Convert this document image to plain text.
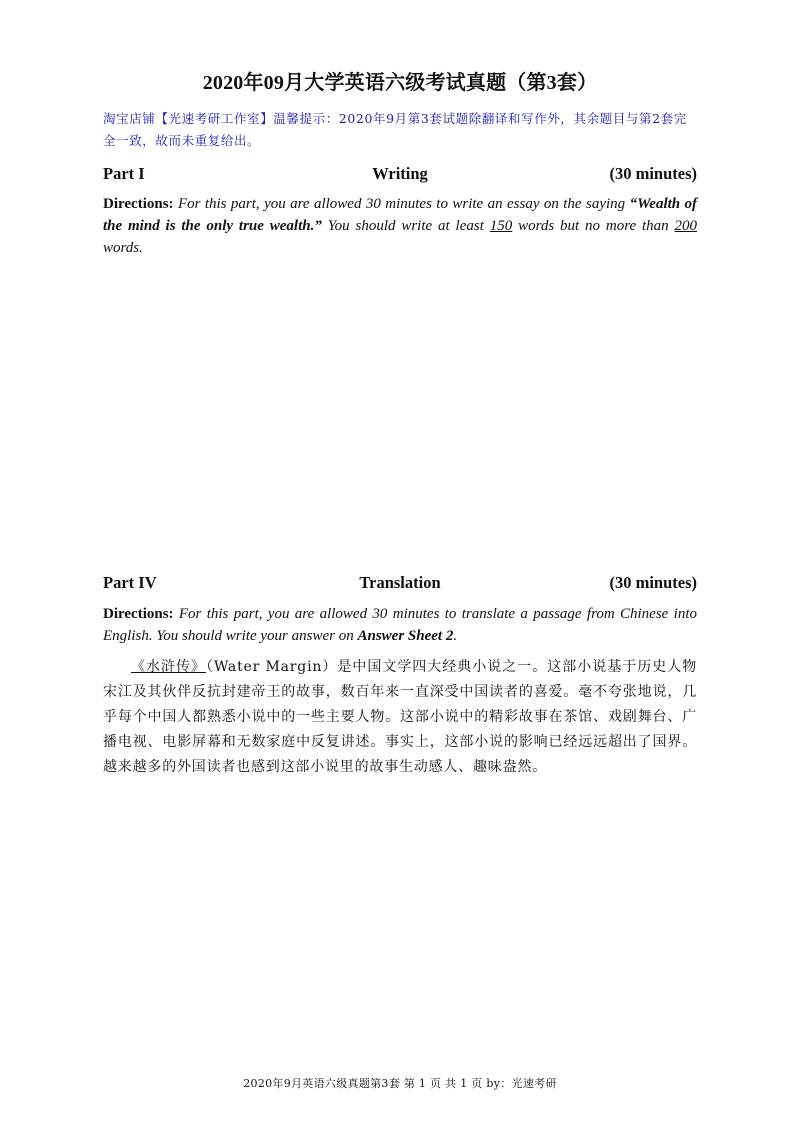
2020年09月大学英语六级考试真题（第3套）
淘宝店铺【光速考研工作室】温馨提示：2020年9月第3套试题除翻译和写作外，其余题目与第2套完全一致，故而未重复给出。
Part I	Writing	(30 minutes)
Directions: For this part, you are allowed 30 minutes to write an essay on the saying “Wealth of the mind is the only true wealth.” You should write at least 150 words but no more than 200 words.
Part IV	Translation	(30 minutes)
Directions: For this part, you are allowed 30 minutes to translate a passage from Chinese into English. You should write your answer on Answer Sheet 2.
《水浒传》（Water Margin）是中国文学四大经典小说之一。这部小说基于历史人物宋江及其伙伴反抗封建帝王的故事，数百年来一直深受中国读者的喜爱。毫不夸张地说，几乎每个中国人都熟悉小说中的一些主要人物。这部小说中的精彩故事在茶馆、戏剧舞台、广播电视、电影屏幕和无数家庭中反复讲述。事实上，这部小说的影响已经远远超出了国界。越来越多的外国读者也感到这部小说里的故事生动感人、趣味盎然。
2020年9月英语六级真题第3套 第 1 页 共 1 页 by：光速考研
